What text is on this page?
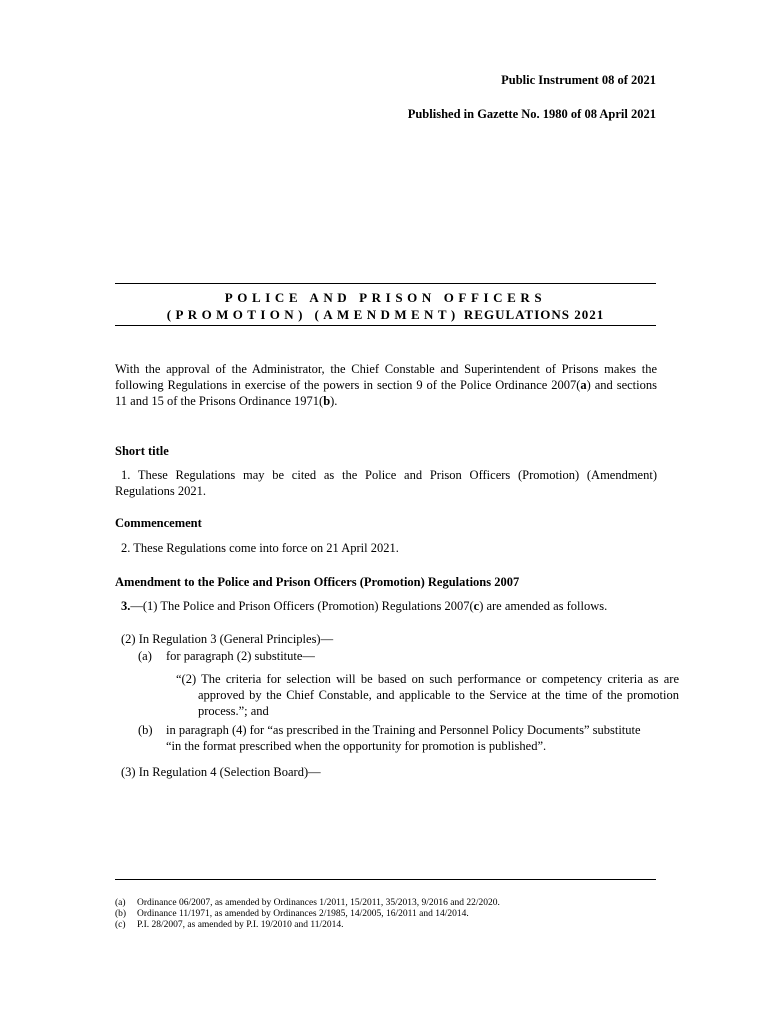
Public Instrument 08 of 2021
Published in Gazette No. 1980 of 08 April 2021
POLICE AND PRISON OFFICERS
(PROMOTION) (AMENDMENT) REGULATIONS 2021
With the approval of the Administrator, the Chief Constable and Superintendent of Prisons makes the following Regulations in exercise of the powers in section 9 of the Police Ordinance 2007(a) and sections 11 and 15 of the Prisons Ordinance 1971(b).
Short title
1. These Regulations may be cited as the Police and Prison Officers (Promotion) (Amendment) Regulations 2021.
Commencement
2. These Regulations come into force on 21 April 2021.
Amendment to the Police and Prison Officers (Promotion) Regulations 2007
3.—(1) The Police and Prison Officers (Promotion) Regulations 2007(c) are amended as follows.
(2) In Regulation 3 (General Principles)—
(a) for paragraph (2) substitute—
“(2) The criteria for selection will be based on such performance or competency criteria as are approved by the Chief Constable, and applicable to the Service at the time of the promotion process.”; and
(b)	in paragraph (4) for “as prescribed in the Training and Personnel Policy Documents” substitute “in the format prescribed when the opportunity for promotion is published”.
(3) In Regulation 4 (Selection Board)—
(a) Ordinance 06/2007, as amended by Ordinances 1/2011, 15/2011, 35/2013, 9/2016 and 22/2020.
(b) Ordinance 11/1971, as amended by Ordinances 2/1985, 14/2005, 16/2011 and 14/2014.
(c) P.I. 28/2007, as amended by P.I. 19/2010 and 11/2014.
